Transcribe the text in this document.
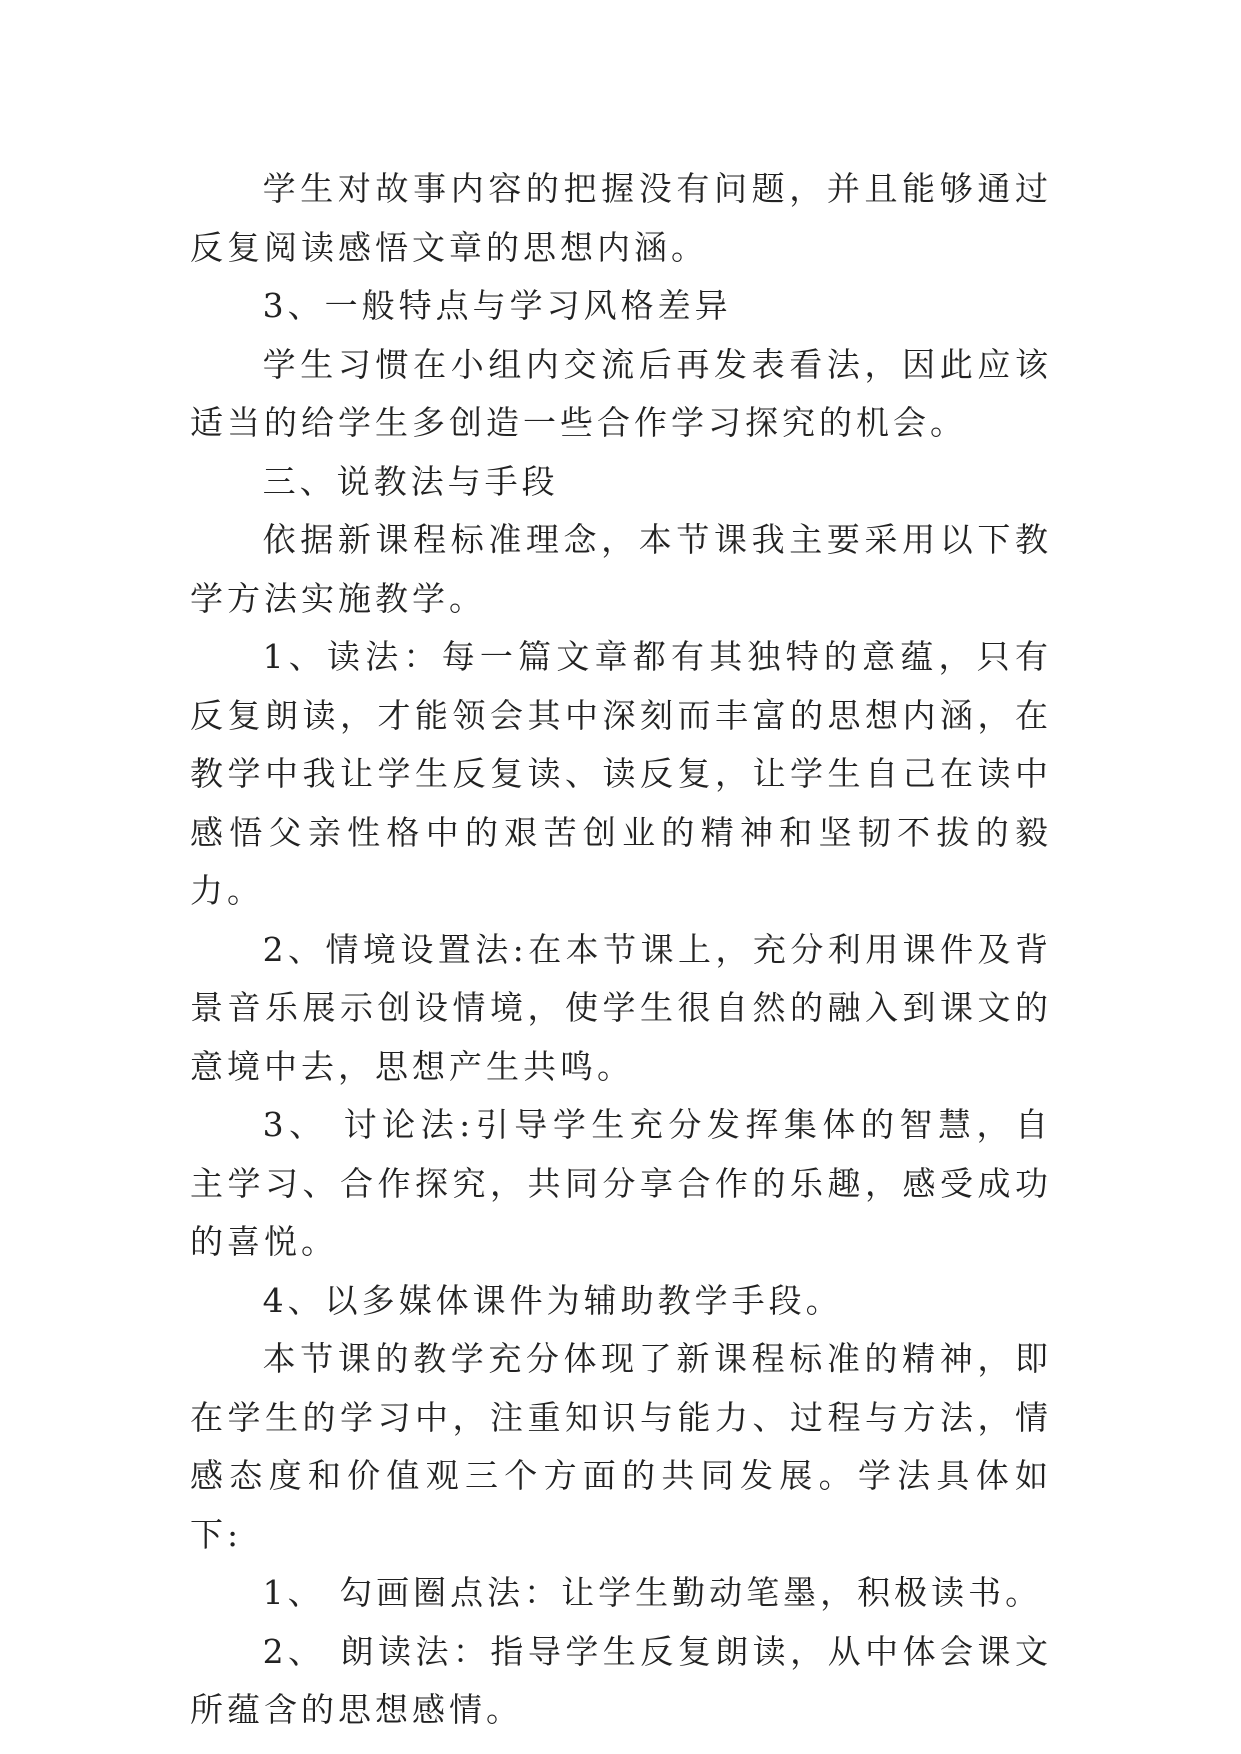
学生对故事内容的把握没有问题，并且能够通过反复阅读感悟文章的思想内涵。

3、一般特点与学习风格差异

学生习惯在小组内交流后再发表看法，因此应该适当的给学生多创造一些合作学习探究的机会。

三、说教法与手段

依据新课程标准理念，本节课我主要采用以下教学方法实施教学。

1、读法：每一篇文章都有其独特的意蕴，只有反复朗读，才能领会其中深刻而丰富的思想内涵，在教学中我让学生反复读、读反复，让学生自己在读中感悟父亲性格中的艰苦创业的精神和坚韧不拔的毅力。

2、情境设置法:在本节课上，充分利用课件及背景音乐展示创设情境，使学生很自然的融入到课文的意境中去，思想产生共鸣。

3、 讨论法:引导学生充分发挥集体的智慧，自主学习、合作探究，共同分享合作的乐趣，感受成功的喜悦。

4、以多媒体课件为辅助教学手段。

本节课的教学充分体现了新课程标准的精神，即在学生的学习中，注重知识与能力、过程与方法，情感态度和价值观三个方面的共同发展。学法具体如下:

1、 勾画圈点法：让学生勤动笔墨，积极读书。

2、 朗读法：指导学生反复朗读，从中体会课文所蕴含的思想感情。
